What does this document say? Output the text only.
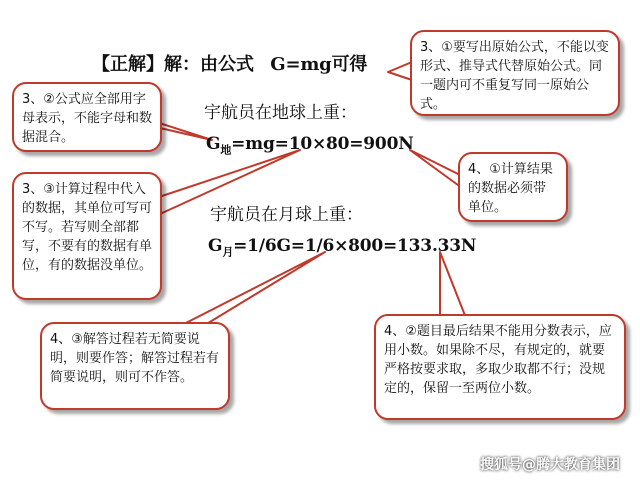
【正解】解：由公式 G=mg可得
宇航员在地球上重：
$G_地=mg=10\times 80=900N$
宇航员在月球上重：
$G_月=1/6G=1/6\times 800=133.33N$
3、①要写出原始公式，不能以变形式、推导式代替原始公式。同一题内可不重复写同一原始公式。
3、②公式应全部用字母表示，不能字母和数据混合。
4、①计算结果的数据必须带单位。
3、③计算过程中代入的数据，其单位可写可不写。若写则全部都写，不要有的数据有单位，有的数据没单位。
4、③解答过程若无简要说明，则要作答；解答过程若有简要说明，则可不作答。
4、②题目最后结果不能用分数表示，应用小数。如果除不尽，有规定的，就要严格按要求取，多取少取都不行；没规定的，保留一至两位小数。
搜狐号@腾大教育集团
